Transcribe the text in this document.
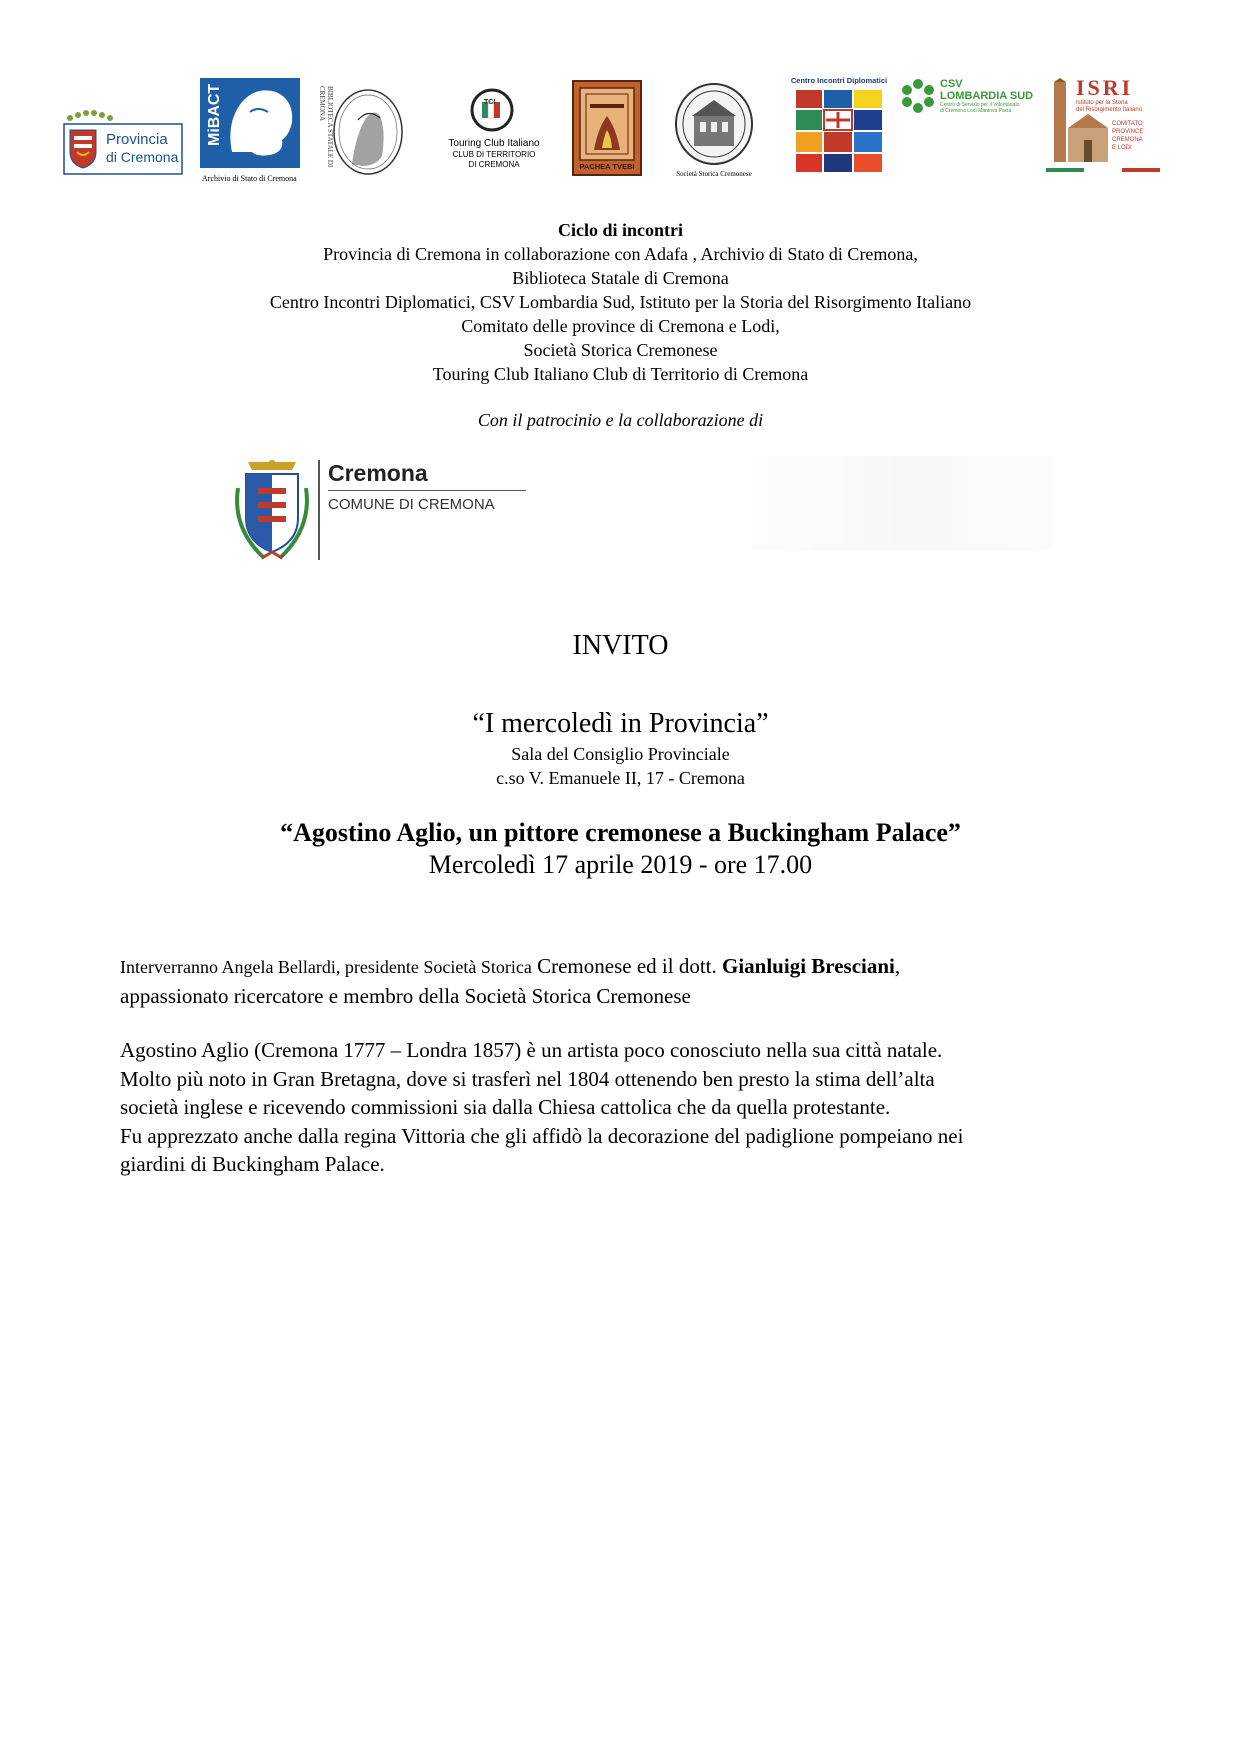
Provincia
di Cremona
MiBACT
Archivio di Stato di Cremona
BIBLIOTECA STATALE DI CREMONA	TCI
Touring Club Italiano
CLUB DI TERRITORIO
DI CREMONA	PACHEA TVEBI
Società Storica Cremonese
Centro Incontri Diplomatici	CSV
LOMBARDIA SUD
Centro di Servizio per il Volontariato
di Cremona Lodi Mantova Pavia
ISRI
Istituto per la Storia
del Risorgimento Italiano
COMITATO
PROVINCE
CREMONA
E LODI
Ciclo di incontri
Provincia di Cremona in collaborazione con Adafa , Archivio di Stato di Cremona,
Biblioteca Statale di Cremona
Centro Incontri Diplomatici, CSV Lombardia Sud, Istituto per la Storia del Risorgimento Italiano
Comitato delle province di Cremona e Lodi,
Società Storica Cremonese
Touring Club Italiano Club di Territorio di Cremona
Con il patrocinio e la collaborazione di
Cremona
COMUNE DI CREMONA
INVITO
“I mercoledì in Provincia”
Sala del Consiglio Provinciale
c.so V. Emanuele II, 17 - Cremona
“Agostino Aglio, un pittore cremonese a Buckingham Palace”
Mercoledì 17 aprile 2019 - ore 17.00
Interverranno Angela Bellardi, presidente Società Storica Cremonese ed il dott. Gianluigi Bresciani,
appassionato ricercatore e membro della Società Storica Cremonese
Agostino Aglio (Cremona 1777 – Londra 1857) è un artista poco conosciuto nella sua città natale.
Molto più noto in Gran Bretagna, dove si trasferì nel 1804 ottenendo ben presto la stima dell’alta
società inglese e ricevendo commissioni sia dalla Chiesa cattolica che da quella protestante.
Fu apprezzato anche dalla regina Vittoria che gli affidò la decorazione del padiglione pompeiano nei
giardini di Buckingham Palace.
